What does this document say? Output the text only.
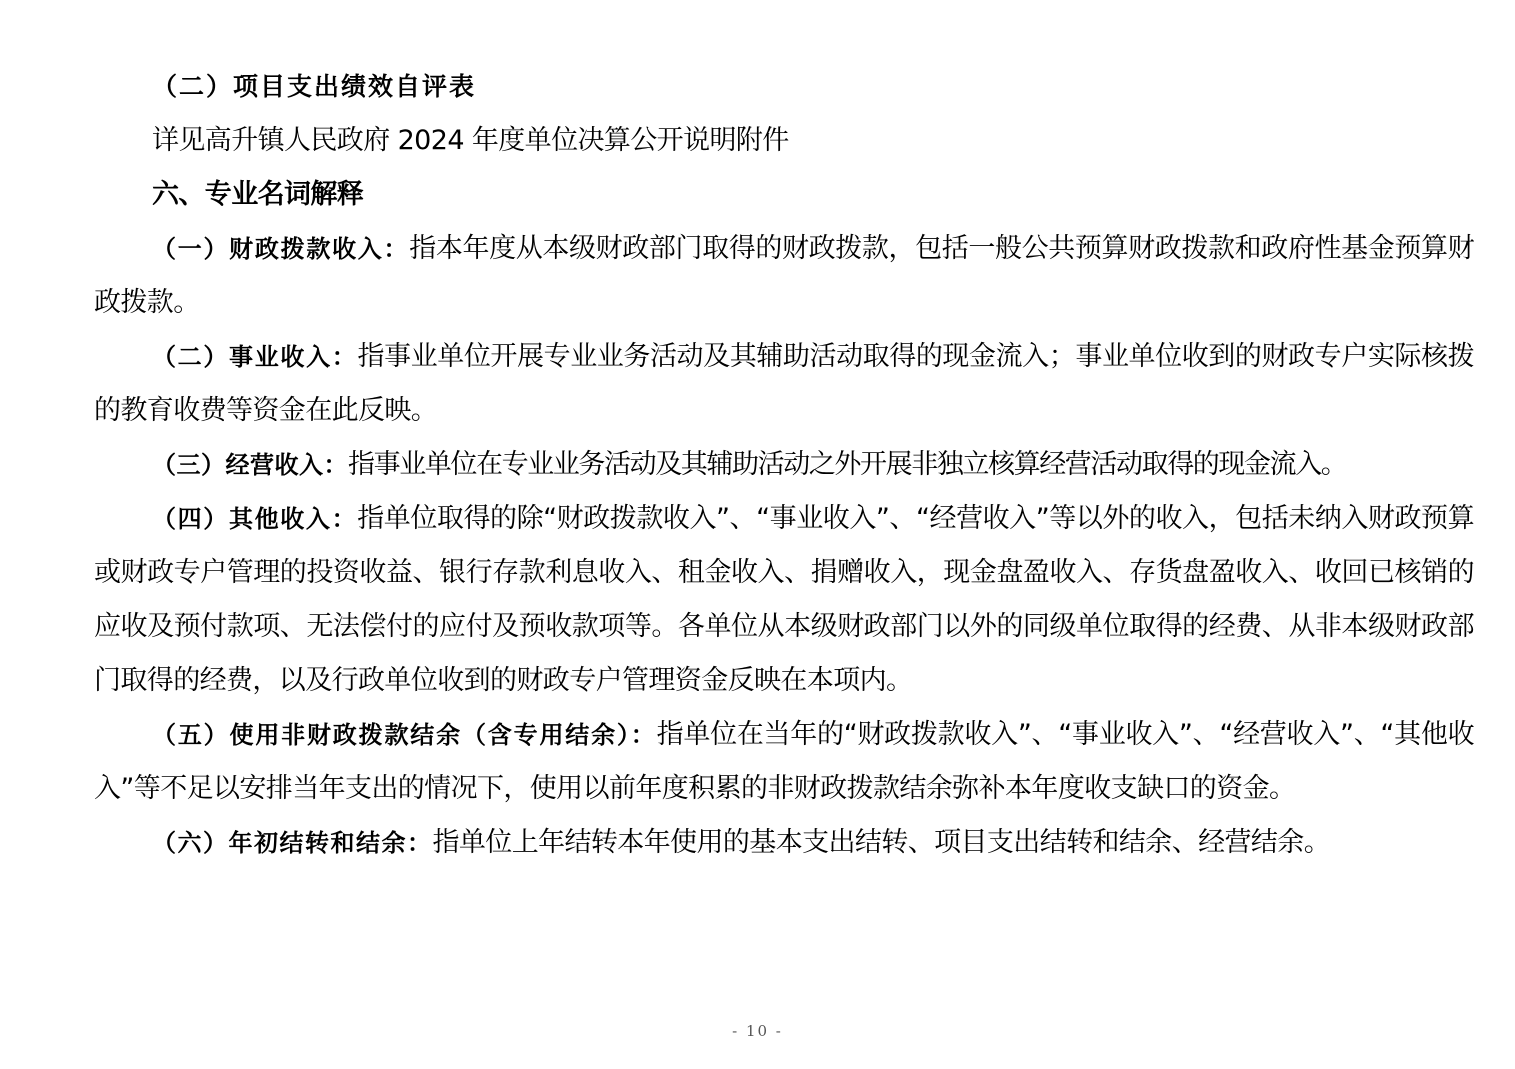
（二）项目支出绩效自评表
详见高升镇人民政府 2024 年度单位决算公开说明附件
六、专业名词解释
（一）财政拨款收入：指本年度从本级财政部门取得的财政拨款，包括一般公共预算财政拨款和政府性基金预算财政拨款。
（二）事业收入：指事业单位开展专业业务活动及其辅助活动取得的现金流入；事业单位收到的财政专户实际核拨的教育收费等资金在此反映。
（三）经营收入：指事业单位在专业业务活动及其辅助活动之外开展非独立核算经营活动取得的现金流入。
（四）其他收入：指单位取得的除“财政拨款收入”、“事业收入”、“经营收入”等以外的收入，包括未纳入财政预算或财政专户管理的投资收益、银行存款利息收入、租金收入、捐赠收入，现金盘盈收入、存货盘盈收入、收回已核销的应收及预付款项、无法偿付的应付及预收款项等。各单位从本级财政部门以外的同级单位取得的经费、从非本级财政部门取得的经费，以及行政单位收到的财政专户管理资金反映在本项内。
（五）使用非财政拨款结余（含专用结余）：指单位在当年的“财政拨款收入”、“事业收入”、“经营收入”、“其他收入”等不足以安排当年支出的情况下，使用以前年度积累的非财政拨款结余弥补本年度收支缺口的资金。
（六）年初结转和结余：指单位上年结转本年使用的基本支出结转、项目支出结转和结余、经营结余。
- 10 -
